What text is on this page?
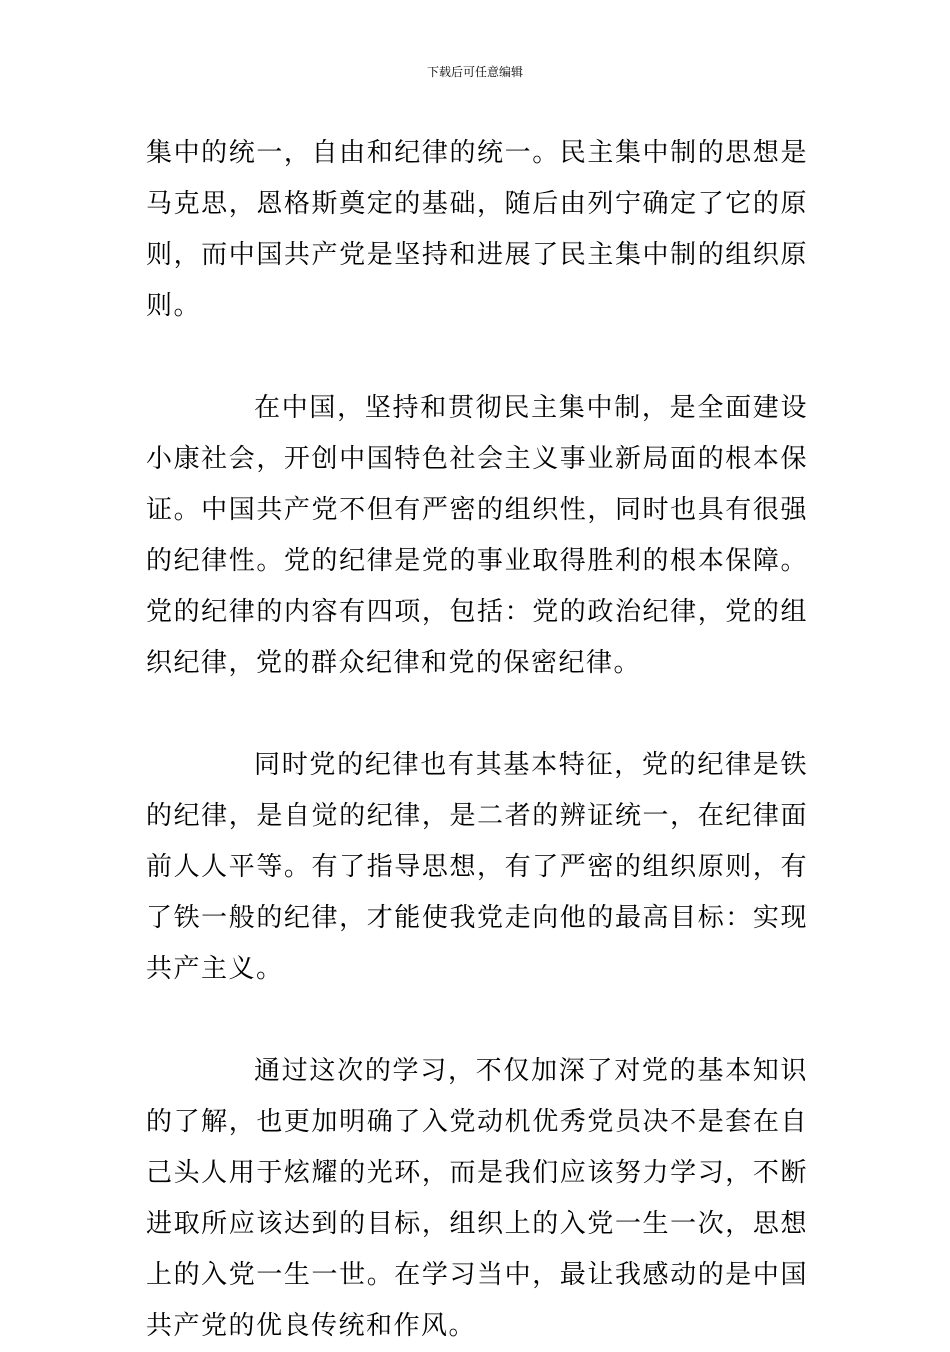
下载后可任意编辑

集中的统一，自由和纪律的统一。民主集中制的思想是马克思，恩格斯奠定的基础，随后由列宁确定了它的原则，而中国共产党是坚持和进展了民主集中制的组织原则。

在中国，坚持和贯彻民主集中制，是全面建设小康社会，开创中国特色社会主义事业新局面的根本保证。中国共产党不但有严密的组织性，同时也具有很强的纪律性。党的纪律是党的事业取得胜利的根本保障。党的纪律的内容有四项，包括：党的政治纪律，党的组织纪律，党的群众纪律和党的保密纪律。

同时党的纪律也有其基本特征，党的纪律是铁的纪律，是自觉的纪律，是二者的辨证统一，在纪律面前人人平等。有了指导思想，有了严密的组织原则，有了铁一般的纪律，才能使我党走向他的最高目标：实现共产主义。

通过这次的学习，不仅加深了对党的基本知识的了解，也更加明确了入党动机优秀党员决不是套在自己头人用于炫耀的光环，而是我们应该努力学习，不断进取所应该达到的目标，组织上的入党一生一次，思想上的入党一生一世。在学习当中，最让我感动的是中国共产党的优良传统和作风。
